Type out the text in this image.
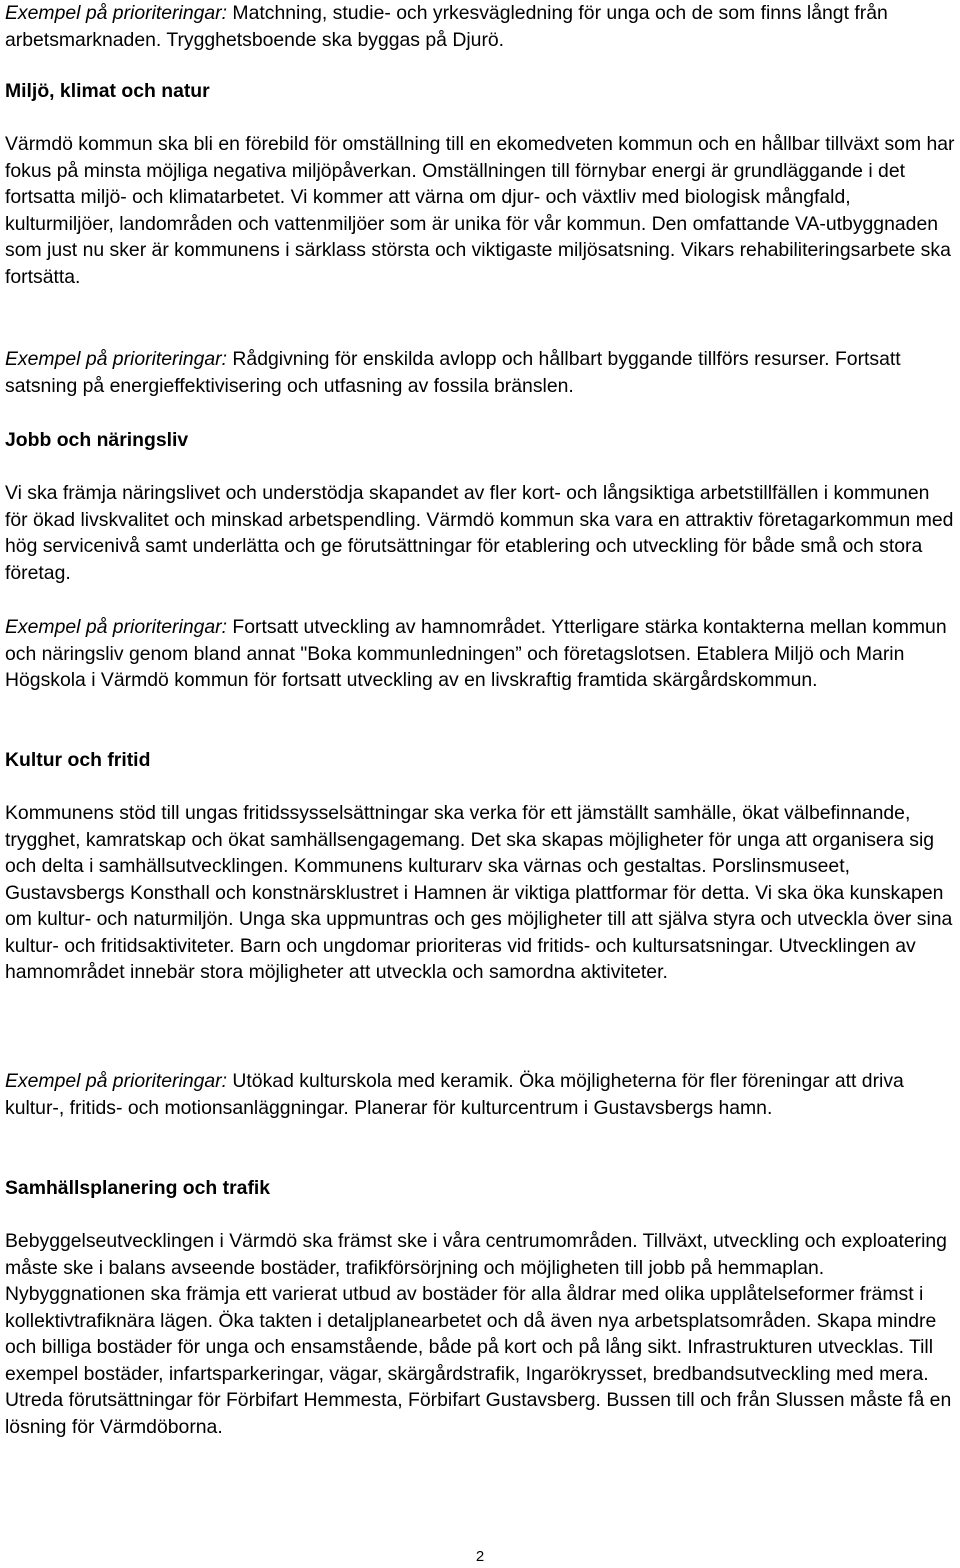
Exempel på prioriteringar: Matchning, studie- och yrkesvägledning för unga och de som finns långt från arbetsmarknaden. Trygghetsboende ska byggas på Djurö.

Miljö, klimat och natur

Värmdö kommun ska bli en förebild för omställning till en ekomedveten kommun och en hållbar tillväxt som har fokus på minsta möjliga negativa miljöpåverkan. Omställningen till förnybar energi är grundläggande i det fortsatta miljö- och klimatarbetet. Vi kommer att värna om djur- och växtliv med biologisk mångfald, kulturmiljöer, landområden och vattenmiljöer som är unika för vår kommun. Den omfattande VA-utbyggnaden som just nu sker är kommunens i särklass största och viktigaste miljösatsning. Vikars rehabiliteringsarbete ska fortsätta.

Exempel på prioriteringar: Rådgivning för enskilda avlopp och hållbart byggande tillförs resurser. Fortsatt satsning på energieffektivisering och utfasning av fossila bränslen.

Jobb och näringsliv

Vi ska främja näringslivet och understödja skapandet av fler kort- och långsiktiga arbetstillfällen i kommunen för ökad livskvalitet och minskad arbetspendling. Värmdö kommun ska vara en attraktiv företagarkommun med hög servicenivå samt underlätta och ge förutsättningar för etablering och utveckling för både små och stora företag.

Exempel på prioriteringar: Fortsatt utveckling av hamnområdet. Ytterligare stärka kontakterna mellan kommun och näringsliv genom bland annat "Boka kommunledningen” och företagslotsen. Etablera Miljö och Marin Högskola i Värmdö kommun för fortsatt utveckling av en livskraftig framtida skärgårdskommun.

Kultur och fritid

Kommunens stöd till ungas fritidssysselsättningar ska verka för ett jämställt samhälle, ökat välbefinnande, trygghet, kamratskap och ökat samhällsengagemang. Det ska skapas möjligheter för unga att organisera sig och delta i samhällsutvecklingen. Kommunens kulturarv ska värnas och gestaltas. Porslinsmuseet, Gustavsbergs Konsthall och konstnärsklustret i Hamnen är viktiga plattformar för detta. Vi ska öka kunskapen om kultur- och naturmiljön. Unga ska uppmuntras och ges möjligheter till att själva styra och utveckla över sina kultur- och fritidsaktiviteter. Barn och ungdomar prioriteras vid fritids- och kultursatsningar. Utvecklingen av hamnområdet innebär stora möjligheter att utveckla och samordna aktiviteter.

Exempel på prioriteringar: Utökad kulturskola med keramik. Öka möjligheterna för fler föreningar att driva kultur-, fritids- och motionsanläggningar. Planerar för kulturcentrum i Gustavsbergs hamn.

Samhällsplanering och trafik

Bebyggelseutvecklingen i Värmdö ska främst ske i våra centrumområden. Tillväxt, utveckling och exploatering måste ske i balans avseende bostäder, trafikförsörjning och möjligheten till jobb på hemmaplan. Nybyggnationen ska främja ett varierat utbud av bostäder för alla åldrar med olika upplåtelseformer främst i kollektivtrafiknära lägen. Öka takten i detaljplanearbetet och då även nya arbetsplatsområden. Skapa mindre och billiga bostäder för unga och ensamstående, både på kort och på lång sikt. Infrastrukturen utvecklas. Till exempel bostäder, infartsparkeringar, vägar, skärgårdstrafik, Ingarökrysset, bredbandsutveckling med mera. Utreda förutsättningar för Förbifart Hemmesta, Förbifart Gustavsberg. Bussen till och från Slussen måste få en lösning för Värmdöborna.

2
